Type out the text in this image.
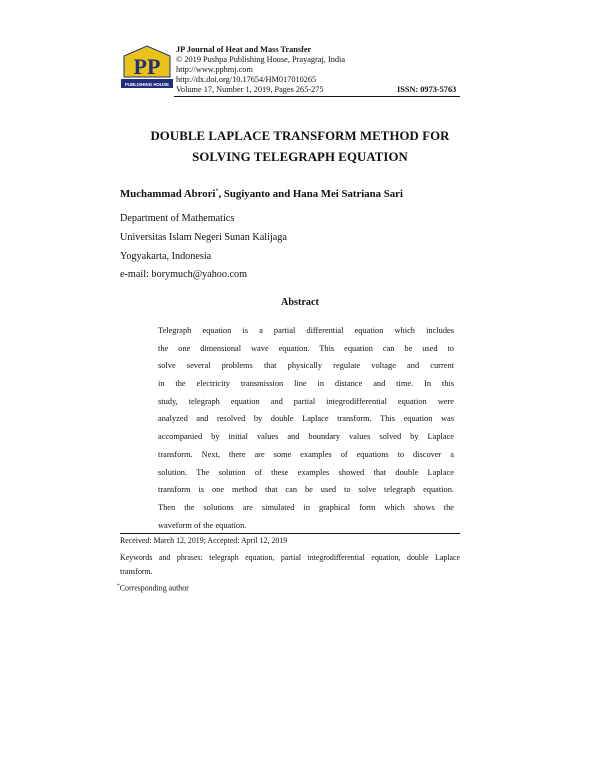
PP
PUBLISHING HOUSE
JP Journal of Heat and Mass Transfer
© 2019 Pushpa Publishing House, Prayagraj, India
http://www.pphmj.com
http://dx.doi.org/10.17654/HM017010265
Volume 17, Number 1, 2019, Pages 265-275	ISSN: 0973-5763
DOUBLE LAPLACE TRANSFORM METHOD FOR
SOLVING TELEGRAPH EQUATION
Muchammad Abrori*, Sugiyanto and Hana Mei Satriana Sari
Department of Mathematics
Universitas Islam Negeri Sunan Kalijaga
Yogyakarta, Indonesia
e-mail: borymuch@yahoo.com
Abstract
Telegraph equation is a partial differential equation which includes
the one dimensional wave equation. This equation can be used to
solve several problems that physically regulate voltage and current
in the electricity transmission line in distance and time. In this
study, telegraph equation and partial integrodifferential equation were
analyzed and resolved by double Laplace transform. This equation was
accompanied by initial values and boundary values solved by Laplace
transform. Next, there are some examples of equations to discover a
solution. The solution of these examples showed that double Laplace
transform is one method that can be used to solve telegraph equation.
Then the solutions are simulated in graphical form which shows the
waveform of the equation.
Received: March 12, 2019; Accepted: April 12, 2019
Keywords and phrases: telegraph equation, partial integrodifferential equation, double Laplace
transform.
*Corresponding author
